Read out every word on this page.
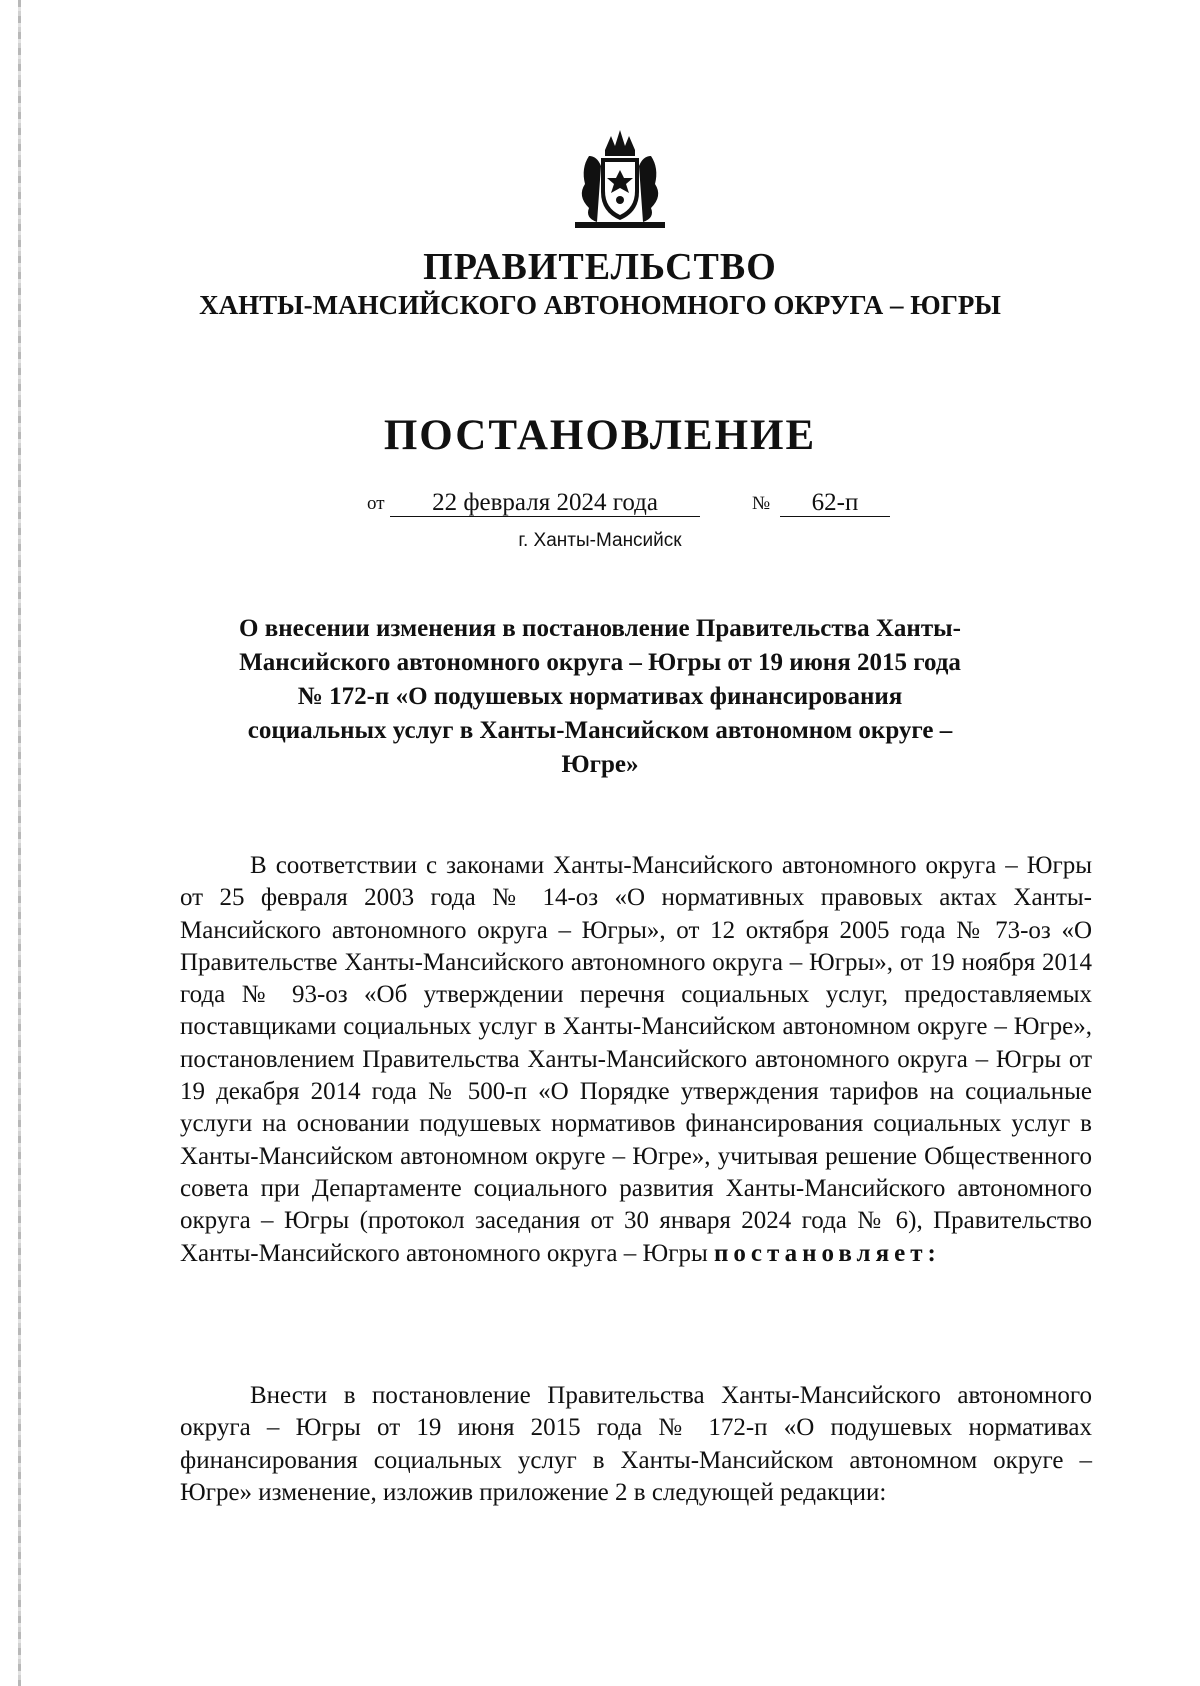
ПРАВИТЕЛЬСТВО
ХАНТЫ-МАНСИЙСКОГО АВТОНОМНОГО ОКРУГА – ЮГРЫ
ПОСТАНОВЛЕНИЕ
от	22 февраля 2024 года	№	62-п
г. Ханты-Мансийск
О внесении изменения в постановление Правительства Ханты-Мансийского автономного округа – Югры от 19 июня 2015 года № 172-п «О подушевых нормативах финансирования социальных услуг в Ханты-Мансийском автономном округе – Югре»

В соответствии с законами Ханты-Мансийского автономного округа – Югры от 25 февраля 2003 года № 14-оз «О нормативных правовых актах Ханты-Мансийского автономного округа – Югры», от 12 октября 2005 года № 73-оз «О Правительстве Ханты-Мансийского автономного округа – Югры», от 19 ноября 2014 года № 93-оз «Об утверждении перечня социальных услуг, предоставляемых поставщиками социальных услуг в Ханты-Мансийском автономном округе – Югре», постановлением Правительства Ханты-Мансийского автономного округа – Югры от 19 декабря 2014 года № 500-п «О Порядке утверждения тарифов на социальные услуги на основании подушевых нормативов финансирования социальных услуг в Ханты-Мансийском автономном округе – Югре», учитывая решение Общественного совета при Департаменте социального развития Ханты-Мансийского автономного округа – Югры (протокол заседания от 30 января 2024 года № 6), Правительство Ханты-Мансийского автономного округа – Югры постановляет:

Внести в постановление Правительства Ханты-Мансийского автономного округа – Югры от 19 июня 2015 года № 172-п «О подушевых нормативах финансирования социальных услуг в Ханты-Мансийском автономном округе – Югре» изменение, изложив приложение 2 в следующей редакции:
